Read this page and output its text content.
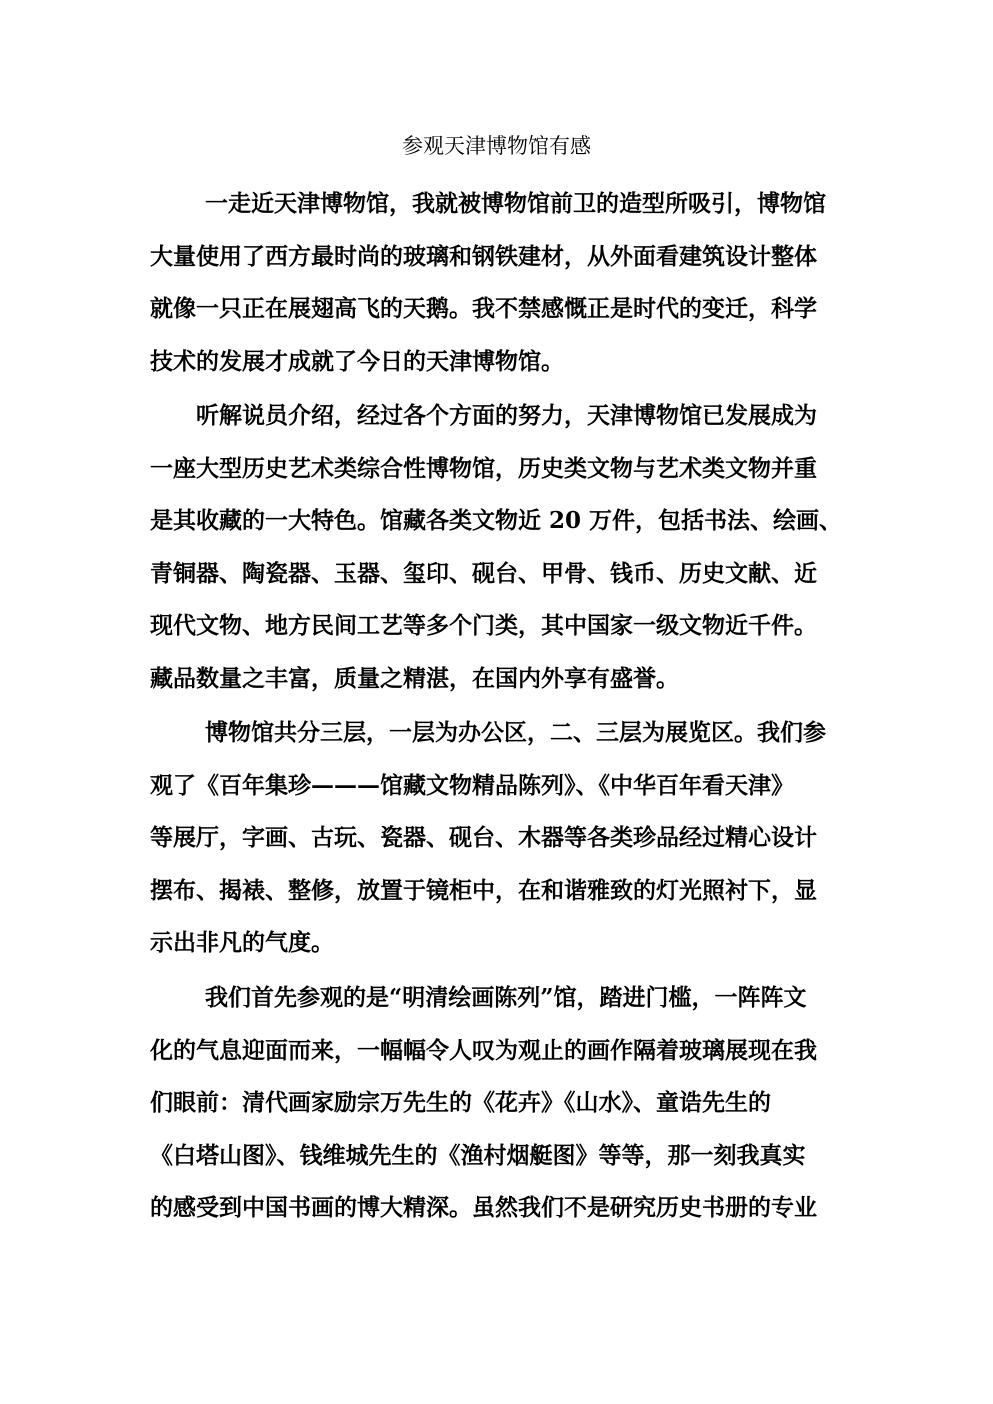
参观天津博物馆有感
一走近天津博物馆，我就被博物馆前卫的造型所吸引，博物馆
大量使用了西方最时尚的玻璃和钢铁建材，从外面看建筑设计整体
就像一只正在展翅高飞的天鹅。我不禁感慨正是时代的变迁，科学
技术的发展才成就了今日的天津博物馆。
听解说员介绍，经过各个方面的努力，天津博物馆已发展成为
一座大型历史艺术类综合性博物馆，历史类文物与艺术类文物并重
是其收藏的一大特色。馆藏各类文物近 20 万件，包括书法、绘画、
青铜器、陶瓷器、玉器、玺印、砚台、甲骨、钱币、历史文献、近
现代文物、地方民间工艺等多个门类，其中国家一级文物近千件。
藏品数量之丰富，质量之精湛，在国内外享有盛誉。
博物馆共分三层，一层为办公区，二、三层为展览区。我们参
观了《百年集珍———馆藏文物精品陈列》、《中华百年看天津》
等展厅，字画、古玩、瓷器、砚台、木器等各类珍品经过精心设计
摆布、揭裱、整修，放置于镜柜中，在和谐雅致的灯光照衬下，显
示出非凡的气度。
我们首先参观的是“明清绘画陈列”馆，踏进门槛，一阵阵文
化的气息迎面而来，一幅幅令人叹为观止的画作隔着玻璃展现在我
们眼前：清代画家励宗万先生的《花卉》《山水》、童诰先生的
《白塔山图》、钱维城先生的《渔村烟艇图》等等，那一刻我真实
的感受到中国书画的博大精深。虽然我们不是研究历史书册的专业
